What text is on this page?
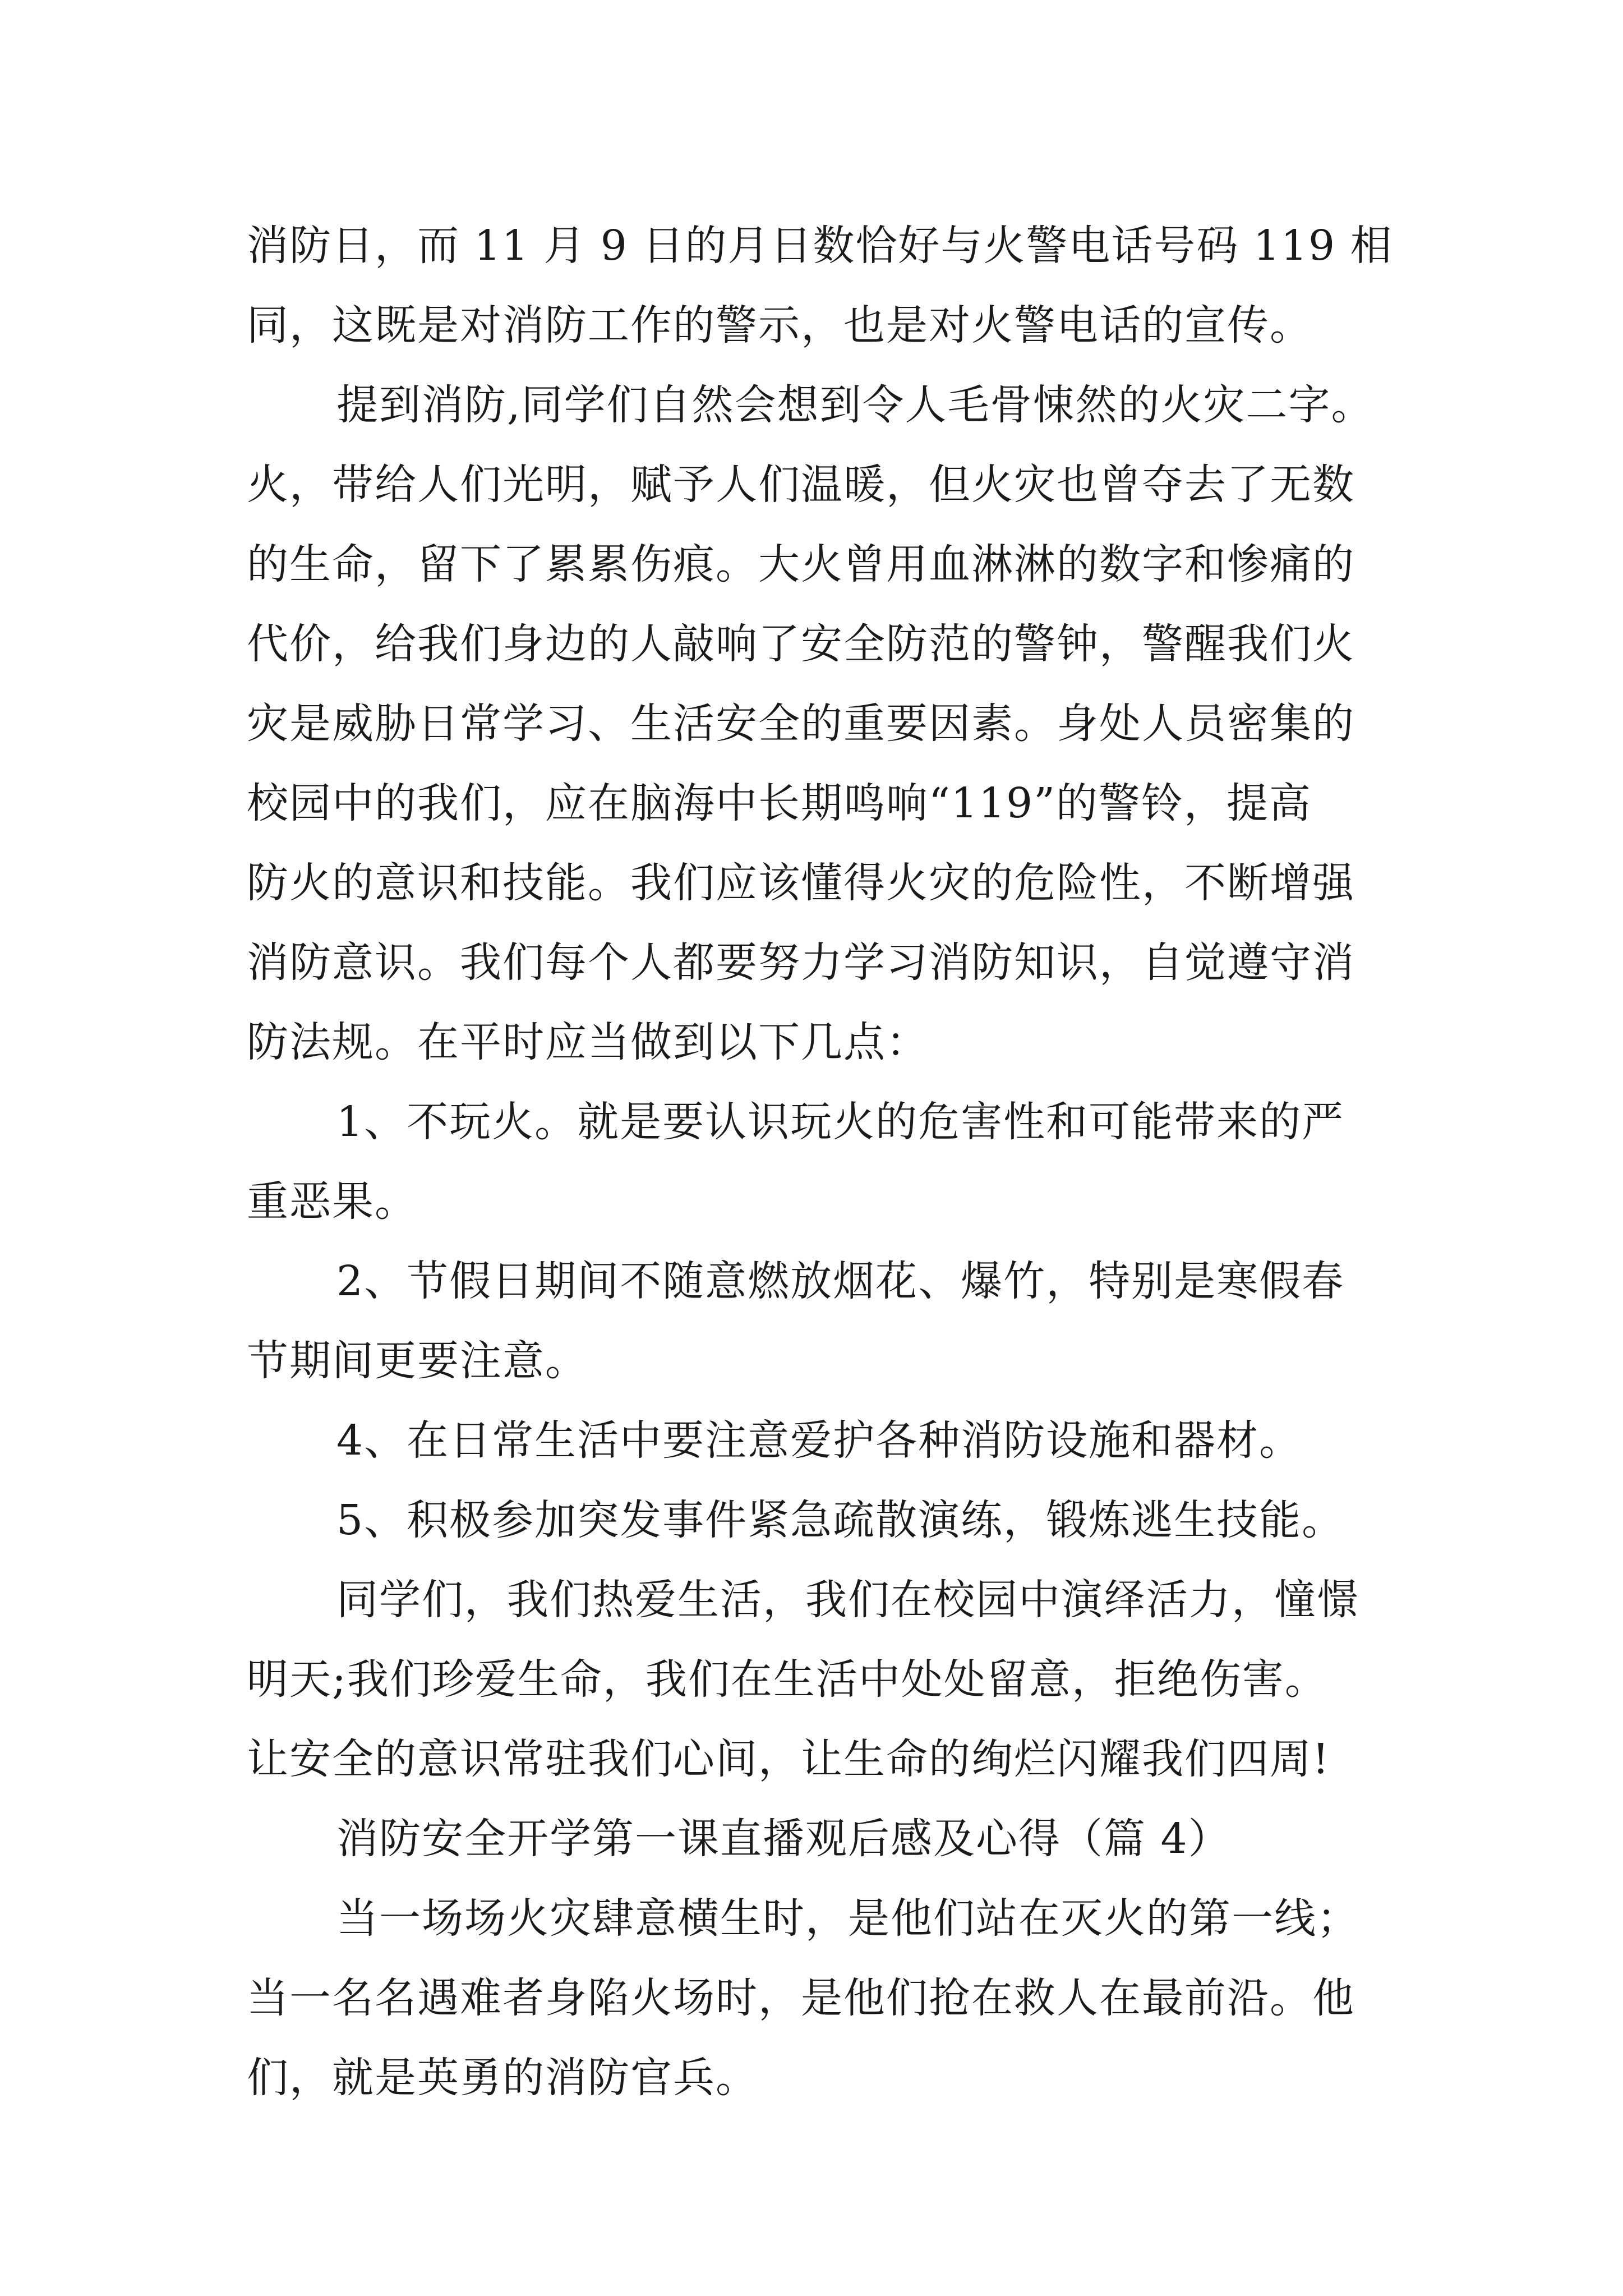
消防日，而 11 月 9 日的月日数恰好与火警电话号码 119 相

同，这既是对消防工作的警示，也是对火警电话的宣传。

提到消防,同学们自然会想到令人毛骨悚然的火灾二字。

火，带给人们光明，赋予人们温暖，但火灾也曾夺去了无数

的生命，留下了累累伤痕。大火曾用血淋淋的数字和惨痛的

代价，给我们身边的人敲响了安全防范的警钟，警醒我们火

灾是威胁日常学习、生活安全的重要因素。身处人员密集的

校园中的我们，应在脑海中长期鸣响“119”的警铃，提高

防火的意识和技能。我们应该懂得火灾的危险性，不断增强

消防意识。我们每个人都要努力学习消防知识，自觉遵守消

防法规。在平时应当做到以下几点：

1、不玩火。就是要认识玩火的危害性和可能带来的严

重恶果。

2、节假日期间不随意燃放烟花、爆竹，特别是寒假春

节期间更要注意。

4、在日常生活中要注意爱护各种消防设施和器材。

5、积极参加突发事件紧急疏散演练，锻炼逃生技能。

同学们，我们热爱生活，我们在校园中演绎活力，憧憬

明天;我们珍爱生命，我们在生活中处处留意，拒绝伤害。

让安全的意识常驻我们心间，让生命的绚烂闪耀我们四周!

消防安全开学第一课直播观后感及心得（篇 4）

当一场场火灾肆意横生时，是他们站在灭火的第一线；

当一名名遇难者身陷火场时，是他们抢在救人在最前沿。他

们，就是英勇的消防官兵。
